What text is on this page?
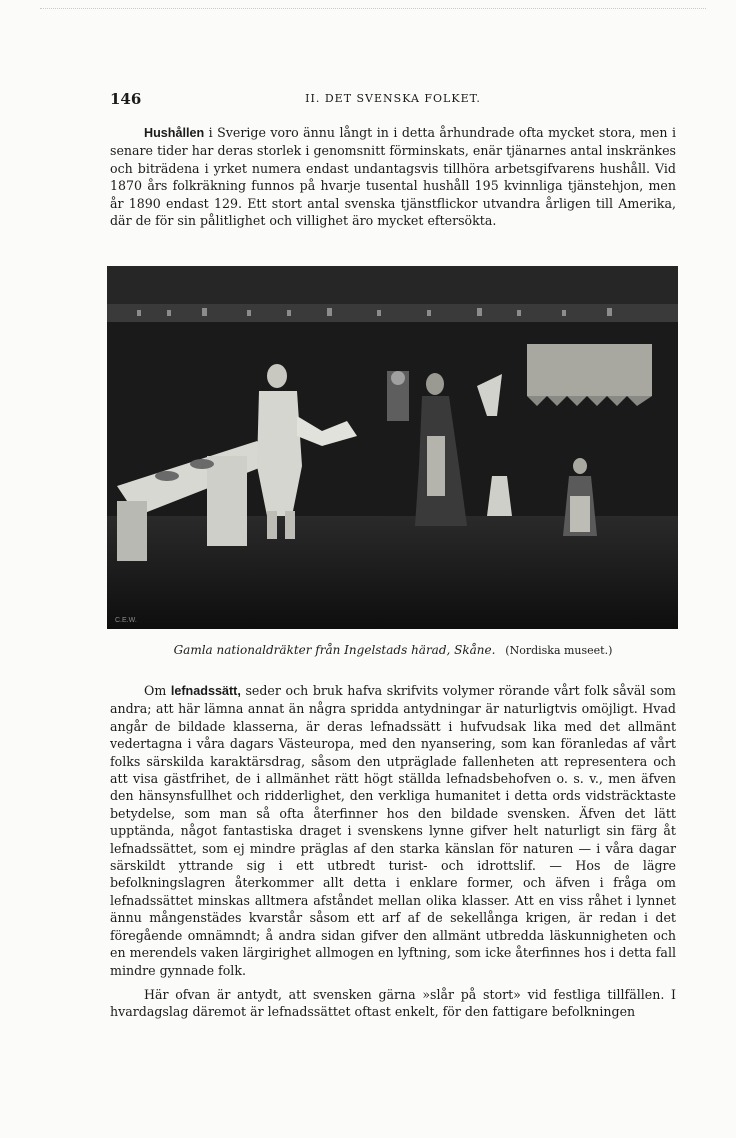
146	II. DET SVENSKA FOLKET.

Hushållen i Sverige voro ännu långt in i detta århundrade ofta mycket stora, men i senare tider har deras storlek i genomsnitt förminskats, enär tjänarnes antal inskränkes och biträdena i yrket numera endast undantagsvis tillhöra arbetsgifvarens hushåll. Vid 1870 års folkräkning funnos på hvarje tusental hushåll 195 kvinnliga tjänstehjon, men år 1890 endast 129. Ett stort antal svenska tjänstflickor utvandra årligen till Amerika, där de för sin pålitlighet och villighet äro mycket eftersökta.

C.E.W.
Gamla nationaldräkter från Ingelstads härad, Skåne. (Nordiska museet.)

Om lefnadssätt, seder och bruk hafva skrifvits volymer rörande vårt folk såväl som andra; att här lämna annat än några spridda antydningar är naturligtvis omöjligt. Hvad angår de bildade klasserna, är deras lefnadssätt i hufvudsak lika med det allmänt vedertagna i våra dagars Västeuropa, med den nyansering, som kan föranledas af vårt folks särskilda karaktärsdrag, såsom den utpräglade fallenheten att representera och att visa gästfrihet, de i allmänhet rätt högt ställda lefnadsbehofven o. s. v., men äfven den hänsynsfullhet och ridderlighet, den verkliga humanitet i detta ords vidsträcktaste betydelse, som man så ofta återfinner hos den bildade svensken. Äfven det lätt upptända, något fantastiska draget i svenskens lynne gifver helt naturligt sin färg åt lefnadssättet, som ej mindre präglas af den starka känslan för naturen — i våra dagar särskildt yttrande sig i ett utbredt turist- och idrottslif. — Hos de lägre befolkningslagren återkommer allt detta i enklare former, och äfven i fråga om lefnadssättet minskas alltmera afståndet mellan olika klasser. Att en viss råhet i lynnet ännu mångenstädes kvarstår såsom ett arf af de sekellånga krigen, är redan i det föregående omnämndt; å andra sidan gifver den allmänt utbredda läskunnigheten och en merendels vaken lärgirighet allmogen en lyftning, som icke återfinnes hos i detta fall mindre gynnade folk.

Här ofvan är antydt, att svensken gärna »slår på stort» vid festliga tillfällen. I hvardagslag däremot är lefnadssättet oftast enkelt, för den fattigare befolkningen
